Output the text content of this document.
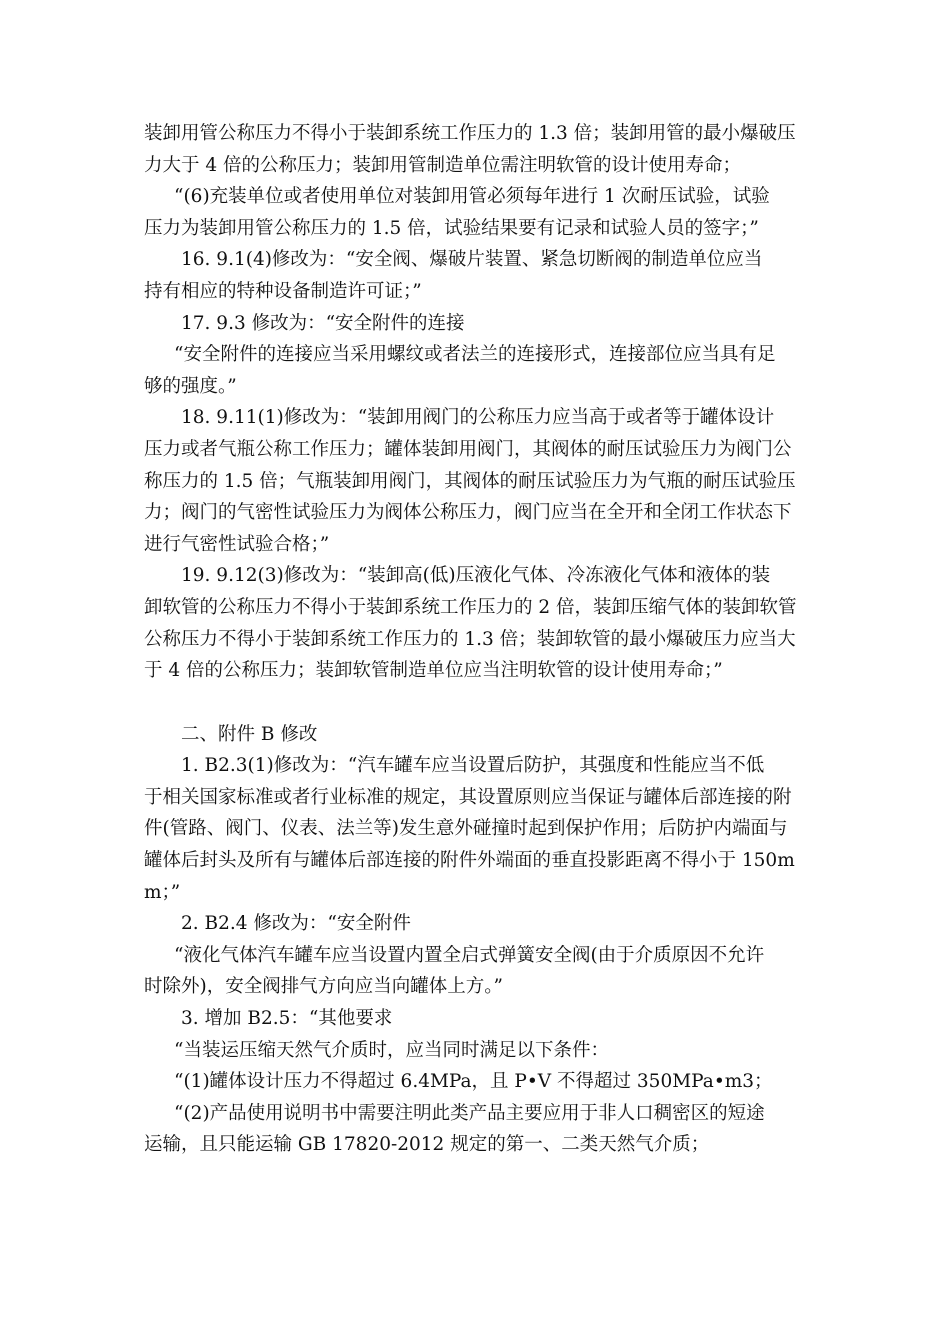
装卸用管公称压力不得小于装卸系统工作压力的 1.3 倍；装卸用管的最小爆破压
力大于 4 倍的公称压力；装卸用管制造单位需注明软管的设计使用寿命；
“(6)充装单位或者使用单位对装卸用管必须每年进行 1 次耐压试验，试验
压力为装卸用管公称压力的 1.5 倍，试验结果要有记录和试验人员的签字；”
16. 9.1(4)修改为：“安全阀、爆破片装置、紧急切断阀的制造单位应当
持有相应的特种设备制造许可证；”
17. 9.3 修改为：“安全附件的连接
“安全附件的连接应当采用螺纹或者法兰的连接形式，连接部位应当具有足
够的强度。”
18. 9.11(1)修改为：“装卸用阀门的公称压力应当高于或者等于罐体设计
压力或者气瓶公称工作压力；罐体装卸用阀门，其阀体的耐压试验压力为阀门公
称压力的 1.5 倍；气瓶装卸用阀门，其阀体的耐压试验压力为气瓶的耐压试验压
力；阀门的气密性试验压力为阀体公称压力，阀门应当在全开和全闭工作状态下
进行气密性试验合格；”
19. 9.12(3)修改为：“装卸高(低)压液化气体、冷冻液化气体和液体的装
卸软管的公称压力不得小于装卸系统工作压力的 2 倍，装卸压缩气体的装卸软管
公称压力不得小于装卸系统工作压力的 1.3 倍；装卸软管的最小爆破压力应当大
于 4 倍的公称压力；装卸软管制造单位应当注明软管的设计使用寿命；”
二、附件 B 修改
1. B2.3(1)修改为：“汽车罐车应当设置后防护，其强度和性能应当不低
于相关国家标准或者行业标准的规定，其设置原则应当保证与罐体后部连接的附
件(管路、阀门、仪表、法兰等)发生意外碰撞时起到保护作用；后防护内端面与
罐体后封头及所有与罐体后部连接的附件外端面的垂直投影距离不得小于 150m
m；”
2. B2.4 修改为：“安全附件
“液化气体汽车罐车应当设置内置全启式弹簧安全阀(由于介质原因不允许
时除外)，安全阀排气方向应当向罐体上方。”
3. 增加 B2.5：“其他要求
“当装运压缩天然气介质时，应当同时满足以下条件：
“(1)罐体设计压力不得超过 6.4MPa，且 P•V 不得超过 350MPa•m3；
“(2)产品使用说明书中需要注明此类产品主要应用于非人口稠密区的短途
运输，且只能运输 GB 17820-2012 规定的第一、二类天然气介质；
